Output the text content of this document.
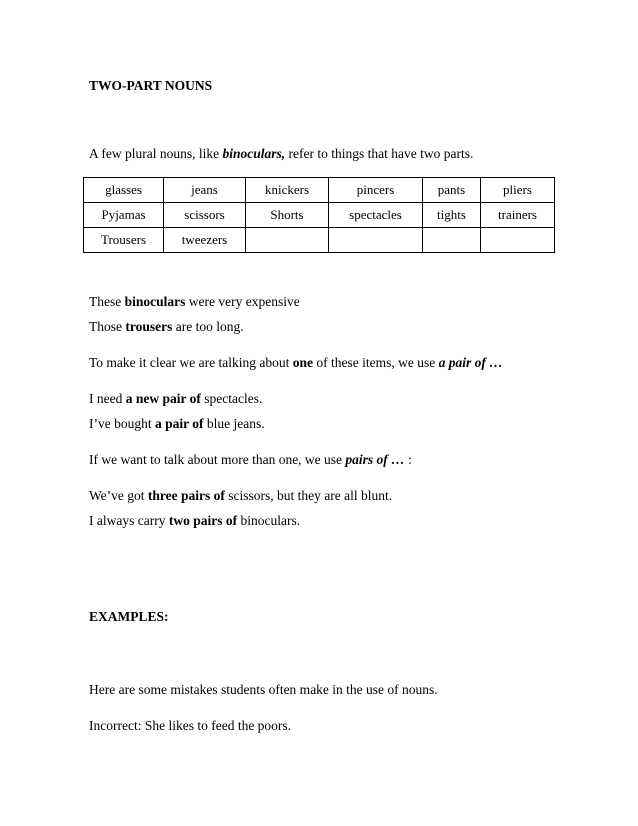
TWO-PART NOUNS
A few plural nouns, like binoculars, refer to things that have two parts.
glasses	jeans	knickers	pincers	pants	pliers
Pyjamas	scissors	Shorts	spectacles	tights	trainers
Trousers	tweezers				
These binoculars were very expensive
Those trousers are too long.
To make it clear we are talking about one of these items, we use a pair of …
I need a new pair of spectacles.
I’ve bought a pair of blue jeans.
If we want to talk about more than one, we use pairs of … :
We’ve got three pairs of scissors, but they are all blunt.
I always carry two pairs of binoculars.
EXAMPLES:
Here are some mistakes students often make in the use of nouns.
Incorrect: She likes to feed the poors.
